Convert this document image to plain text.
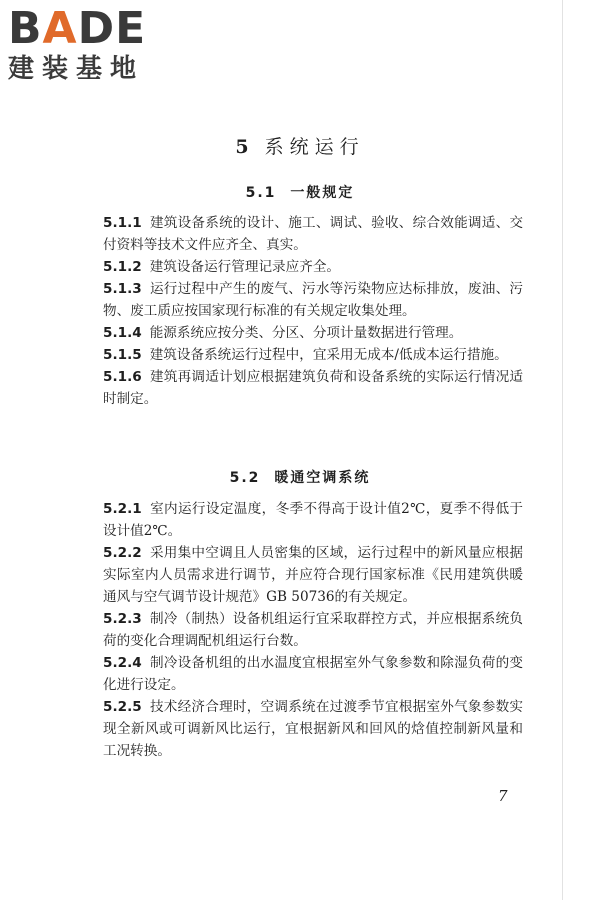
BADE
建装基地
5 系统运行
5.1 一般规定
5.1.1 建筑设备系统的设计、施工、调试、验收、综合效能调适、交付资料等技术文件应齐全、真实。
5.1.2 建筑设备运行管理记录应齐全。
5.1.3 运行过程中产生的废气、污水等污染物应达标排放，废油、污物、废工质应按国家现行标准的有关规定收集处理。
5.1.4 能源系统应按分类、分区、分项计量数据进行管理。
5.1.5 建筑设备系统运行过程中，宜采用无成本/低成本运行措施。
5.1.6 建筑再调适计划应根据建筑负荷和设备系统的实际运行情况适时制定。
5.2 暖通空调系统
5.2.1 室内运行设定温度，冬季不得高于设计值2℃，夏季不得低于设计值2℃。
5.2.2 采用集中空调且人员密集的区域，运行过程中的新风量应根据实际室内人员需求进行调节，并应符合现行国家标准《民用建筑供暖通风与空气调节设计规范》GB 50736的有关规定。
5.2.3 制冷（制热）设备机组运行宜采取群控方式，并应根据系统负荷的变化合理调配机组运行台数。
5.2.4 制冷设备机组的出水温度宜根据室外气象参数和除湿负荷的变化进行设定。
5.2.5 技术经济合理时，空调系统在过渡季节宜根据室外气象参数实现全新风或可调新风比运行，宜根据新风和回风的焓值控制新风量和工况转换。
7
